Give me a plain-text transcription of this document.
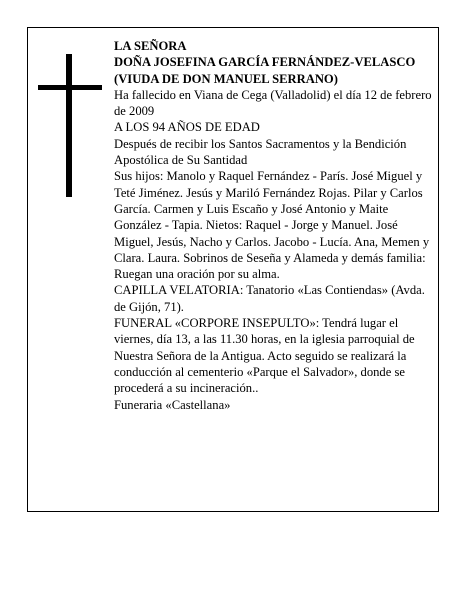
LA SEÑORA

DOÑA JOSEFINA GARCÍA FERNÁNDEZ-VELASCO (VIUDA DE DON MANUEL SERRANO)

Ha fallecido en Viana de Cega (Valladolid) el día 12 de febrero de 2009

A LOS 94 AÑOS DE EDAD

Después de recibir los Santos Sacramentos y la Bendición Apostólica de Su Santidad

Sus hijos: Manolo y Raquel Fernández - París. José Miguel y Teté Jiménez. Jesús y Mariló Fernández Rojas. Pilar y Carlos García. Carmen y Luis Escaño y José Antonio y Maite González - Tapia. Nietos: Raquel - Jorge y Manuel. José Miguel, Jesús, Nacho y Carlos. Jacobo - Lucía. Ana, Memen y Clara. Laura. Sobrinos de Seseña y Alameda y demás familia:

Ruegan una oración por su alma.

CAPILLA VELATORIA: Tanatorio «Las Contiendas» (Avda. de Gijón, 71).

FUNERAL «CORPORE INSEPULTO»: Tendrá lugar el viernes, día 13, a las 11.30 horas, en la iglesia parroquial de Nuestra Señora de la Antigua. Acto seguido se realizará la conducción al cementerio «Parque el Salvador», donde se procederá a su incineración..

Funeraria «Castellana»
